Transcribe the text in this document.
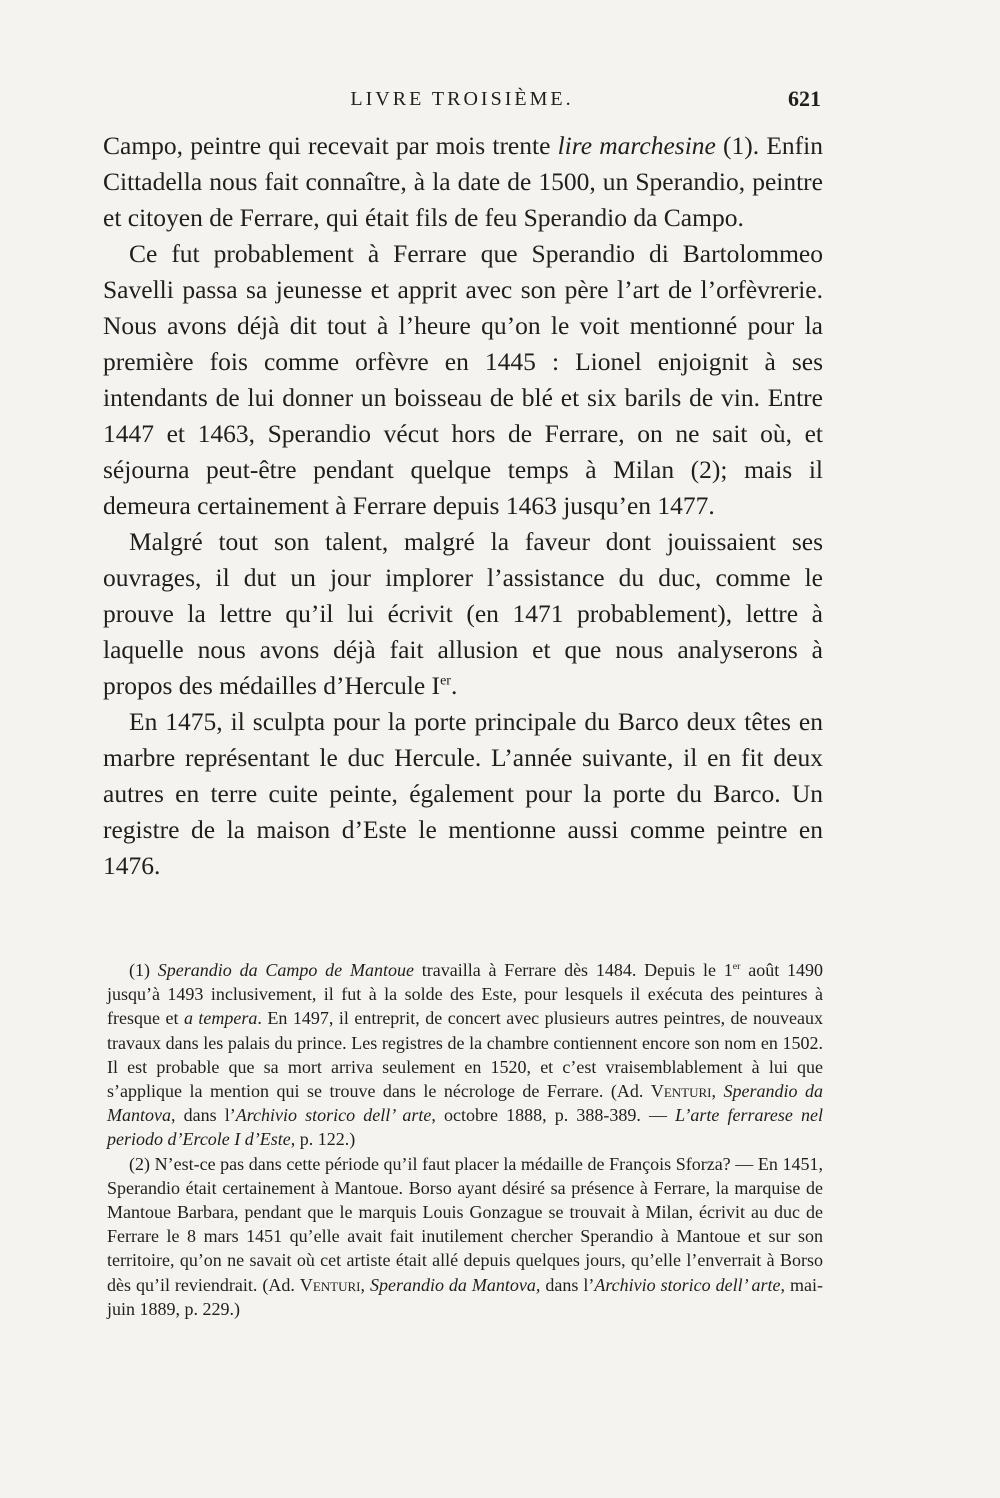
LIVRE TROISIÈME.	621

Campo, peintre qui recevait par mois trente lire marchesine (1). Enfin Cittadella nous fait connaître, à la date de 1500, un Sperandio, peintre et citoyen de Ferrare, qui était fils de feu Sperandio da Campo.

Ce fut probablement à Ferrare que Sperandio di Bartolommeo Savelli passa sa jeunesse et apprit avec son père l’art de l’orfèvrerie. Nous avons déjà dit tout à l’heure qu’on le voit mentionné pour la première fois comme orfèvre en 1445 : Lionel enjoignit à ses intendants de lui donner un boisseau de blé et six barils de vin. Entre 1447 et 1463, Sperandio vécut hors de Ferrare, on ne sait où, et séjourna peut-être pendant quelque temps à Milan (2); mais il demeura certainement à Ferrare depuis 1463 jusqu’en 1477.

Malgré tout son talent, malgré la faveur dont jouissaient ses ouvrages, il dut un jour implorer l’assistance du duc, comme le prouve la lettre qu’il lui écrivit (en 1471 probablement), lettre à laquelle nous avons déjà fait allusion et que nous analyserons à propos des médailles d’Hercule Ier.

En 1475, il sculpta pour la porte principale du Barco deux têtes en marbre représentant le duc Hercule. L’année suivante, il en fit deux autres en terre cuite peinte, également pour la porte du Barco. Un registre de la maison d’Este le mentionne aussi comme peintre en 1476.

(1) Sperandio da Campo de Mantoue travailla à Ferrare dès 1484. Depuis le 1er août 1490 jusqu’à 1493 inclusivement, il fut à la solde des Este, pour lesquels il exécuta des peintures à fresque et a tempera. En 1497, il entreprit, de concert avec plusieurs autres peintres, de nouveaux travaux dans les palais du prince. Les registres de la chambre contiennent encore son nom en 1502. Il est probable que sa mort arriva seulement en 1520, et c’est vraisemblablement à lui que s’applique la mention qui se trouve dans le nécrologe de Ferrare. (Ad. Venturi, Sperandio da Mantova, dans l’Archivio storico dell’ arte, octobre 1888, p. 388-389. — L’arte ferrarese nel periodo d’Ercole I d’Este, p. 122.)

(2) N’est-ce pas dans cette période qu’il faut placer la médaille de François Sforza? — En 1451, Sperandio était certainement à Mantoue. Borso ayant désiré sa présence à Ferrare, la marquise de Mantoue Barbara, pendant que le marquis Louis Gonzague se trouvait à Milan, écrivit au duc de Ferrare le 8 mars 1451 qu’elle avait fait inutilement chercher Sperandio à Mantoue et sur son territoire, qu’on ne savait où cet artiste était allé depuis quelques jours, qu’elle l’enverrait à Borso dès qu’il reviendrait. (Ad. Venturi, Sperandio da Mantova, dans l’Archivio storico dell’ arte, mai-juin 1889, p. 229.)
